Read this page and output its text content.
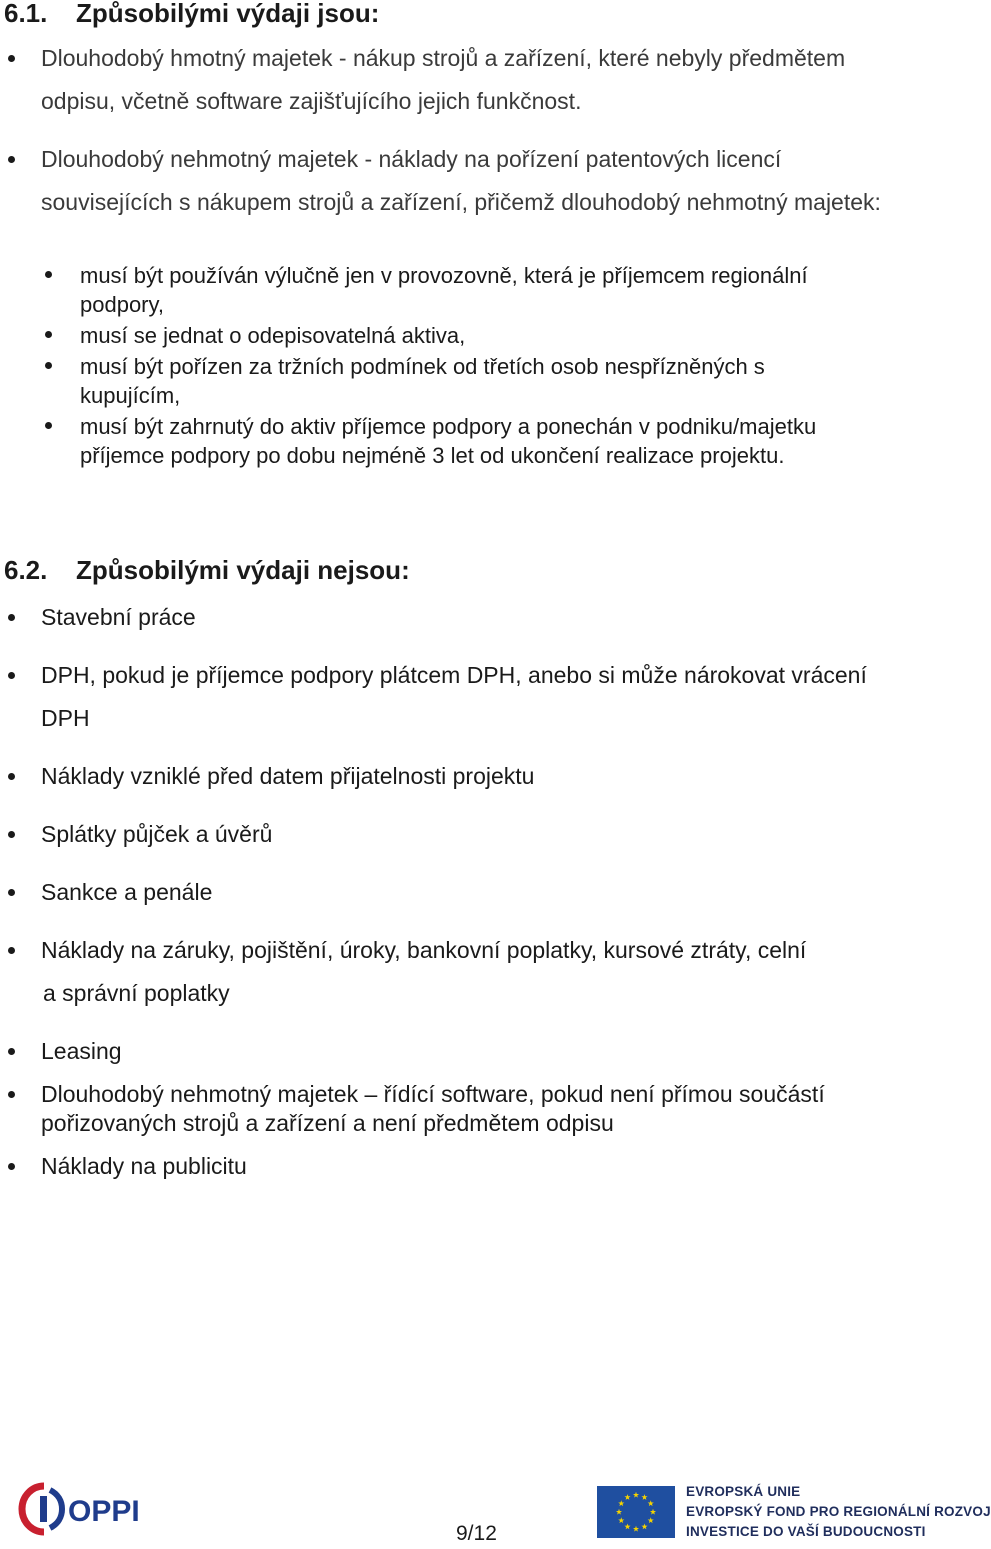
6.1. Způsobilými výdaji jsou:
Dlouhodobý hmotný majetek - nákup strojů a zařízení, které nebyly předmětem
odpisu, včetně software zajišťujícího jejich funkčnost.
Dlouhodobý nehmotný majetek - náklady na pořízení patentových licencí
souvisejících s nákupem strojů a zařízení, přičemž dlouhodobý nehmotný majetek:
musí být používán výlučně jen v provozovně, která je příjemcem regionální
podpory,
musí se jednat o odepisovatelná aktiva,
musí být pořízen za tržních podmínek od třetích osob nespřízněných s
kupujícím,
musí být zahrnutý do aktiv příjemce podpory a ponechán v podniku/majetku
příjemce podpory po dobu nejméně 3 let od ukončení realizace projektu.
6.2. Způsobilými výdaji nejsou:
Stavební práce
DPH, pokud je příjemce podpory plátcem DPH, anebo si může nárokovat vrácení
DPH
Náklady vzniklé před datem přijatelnosti projektu
Splátky půjček a úvěrů
Sankce a penále
Náklady na záruky, pojištění, úroky, bankovní poplatky, kursové ztráty, celní
a správní poplatky
Leasing
Dlouhodobý nehmotný majetek – řídící software, pokud není přímou součástí
pořizovaných strojů a zařízení a není předmětem odpisu
Náklady na publicitu
OPPI
9/12
EVROPSKÁ UNIE
EVROPSKÝ FOND PRO REGIONÁLNÍ ROZVOJ
INVESTICE DO VAŠÍ BUDOUCNOSTI
